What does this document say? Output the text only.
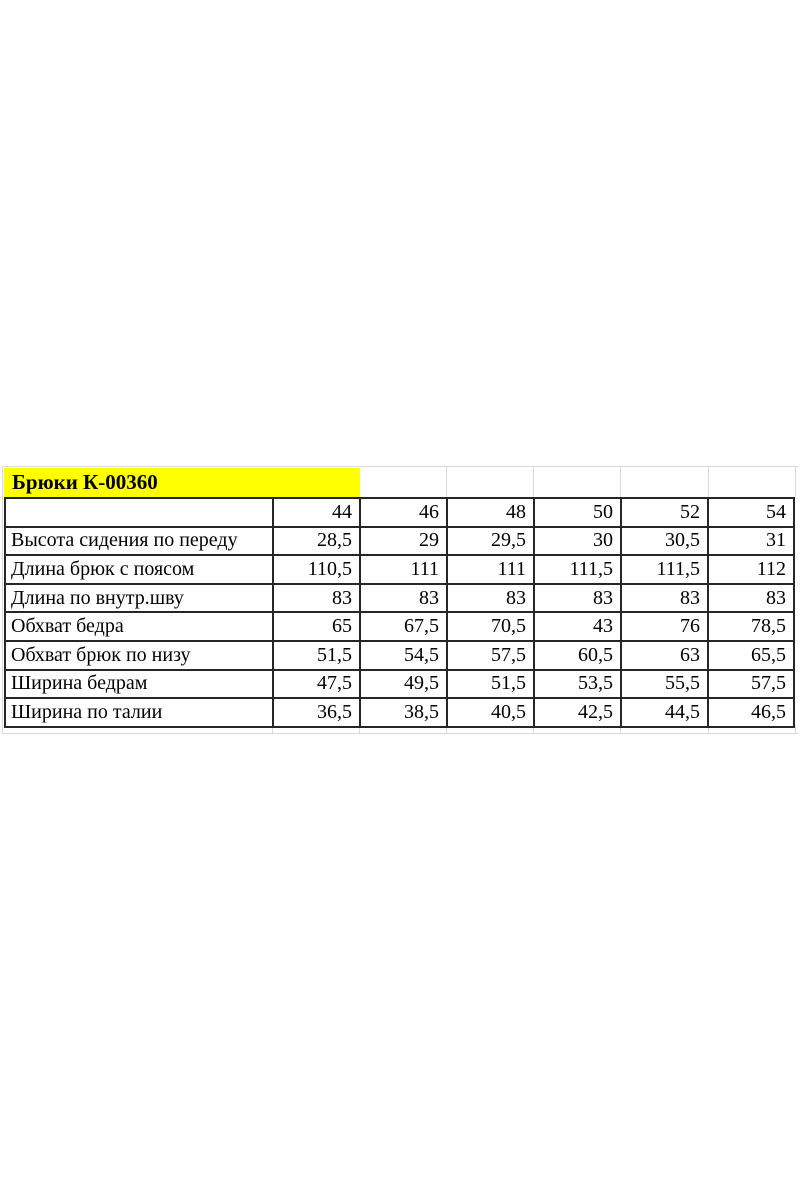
Брюки К-00360
	44	46	48	50	52	54
Высота сидения по переду	28,5	29	29,5	30	30,5	31
Длина брюк с поясом	110,5	111	111	111,5	111,5	112
Длина по внутр.шву	83	83	83	83	83	83
Обхват бедра	65	67,5	70,5	43	76	78,5
Обхват брюк по низу	51,5	54,5	57,5	60,5	63	65,5
Ширина бедрам	47,5	49,5	51,5	53,5	55,5	57,5
Ширина по талии	36,5	38,5	40,5	42,5	44,5	46,5
